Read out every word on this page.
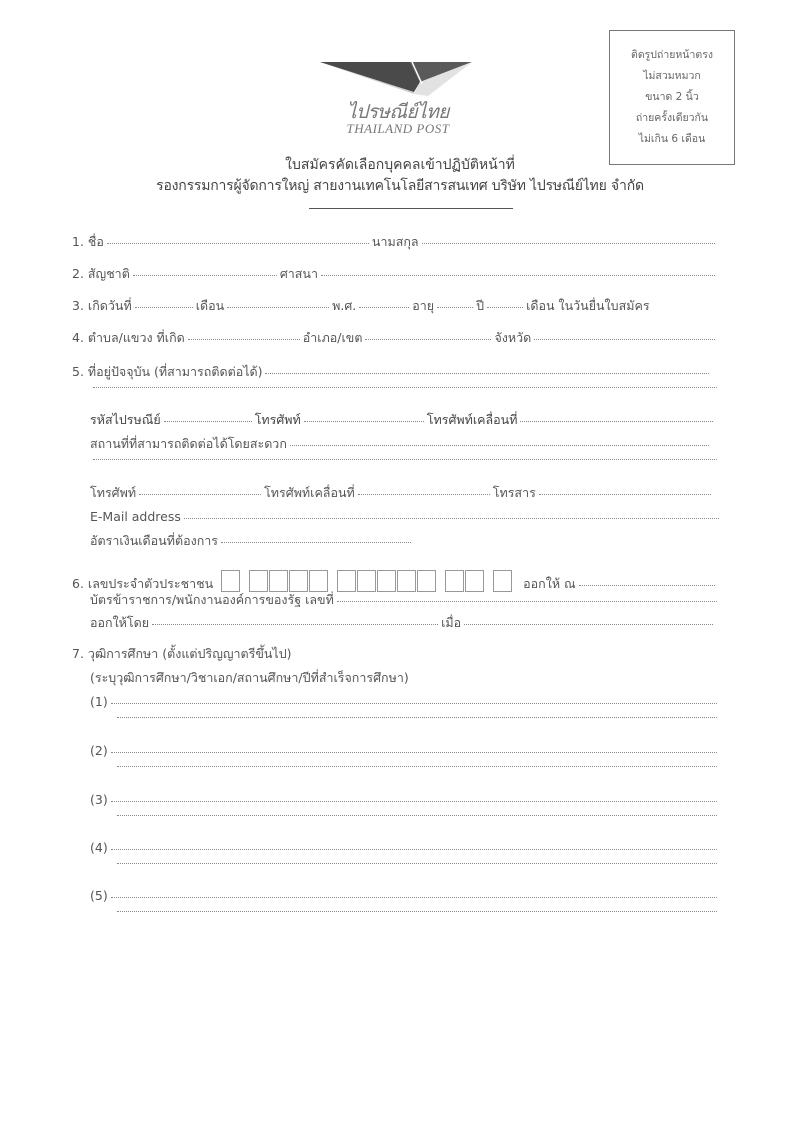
ติดรูปถ่ายหน้าตรง
ไม่สวมหมวก
ขนาด 2 นิ้ว
ถ่ายครั้งเดียวกัน
ไม่เกิน 6 เดือน
ไปรษณีย์ไทย
THAILAND POST
ใบสมัครคัดเลือกบุคคลเข้าปฏิบัติหน้าที่
รองกรรมการผู้จัดการใหญ่ สายงานเทคโนโลยีสารสนเทศ บริษัท ไปรษณีย์ไทย จำกัด
1.
ชื่อ	นามสกุล
2.
สัญชาติ	ศาสนา
3.
เกิดวันที่	เดือน	พ.ศ.	อายุ	ปี	เดือน ในวันยื่นใบสมัคร
4.
ตำบล/แขวง ที่เกิด	อำเภอ/เขต	จังหวัด
5.
ที่อยู่ปัจจุบัน (ที่สามารถติดต่อได้)
รหัสไปรษณีย์	โทรศัพท์	โทรศัพท์เคลื่อนที่
สถานที่ที่สามารถติดต่อได้โดยสะดวก
โทรศัพท์	โทรศัพท์เคลื่อนที่	โทรสาร
E-Mail address
อัตราเงินเดือนที่ต้องการ
6.
เลขประจำตัวประชาชน	ออกให้ ณ
บัตรข้าราชการ/พนักงานองค์การของรัฐ เลขที่
ออกให้โดย	เมื่อ
7.
วุฒิการศึกษา (ตั้งแต่ปริญญาตรีขึ้นไป)
(ระบุวุฒิการศึกษา/วิชาเอก/สถานศึกษา/ปีที่สำเร็จการศึกษา)
(1)
(2)
(3)
(4)
(5)
